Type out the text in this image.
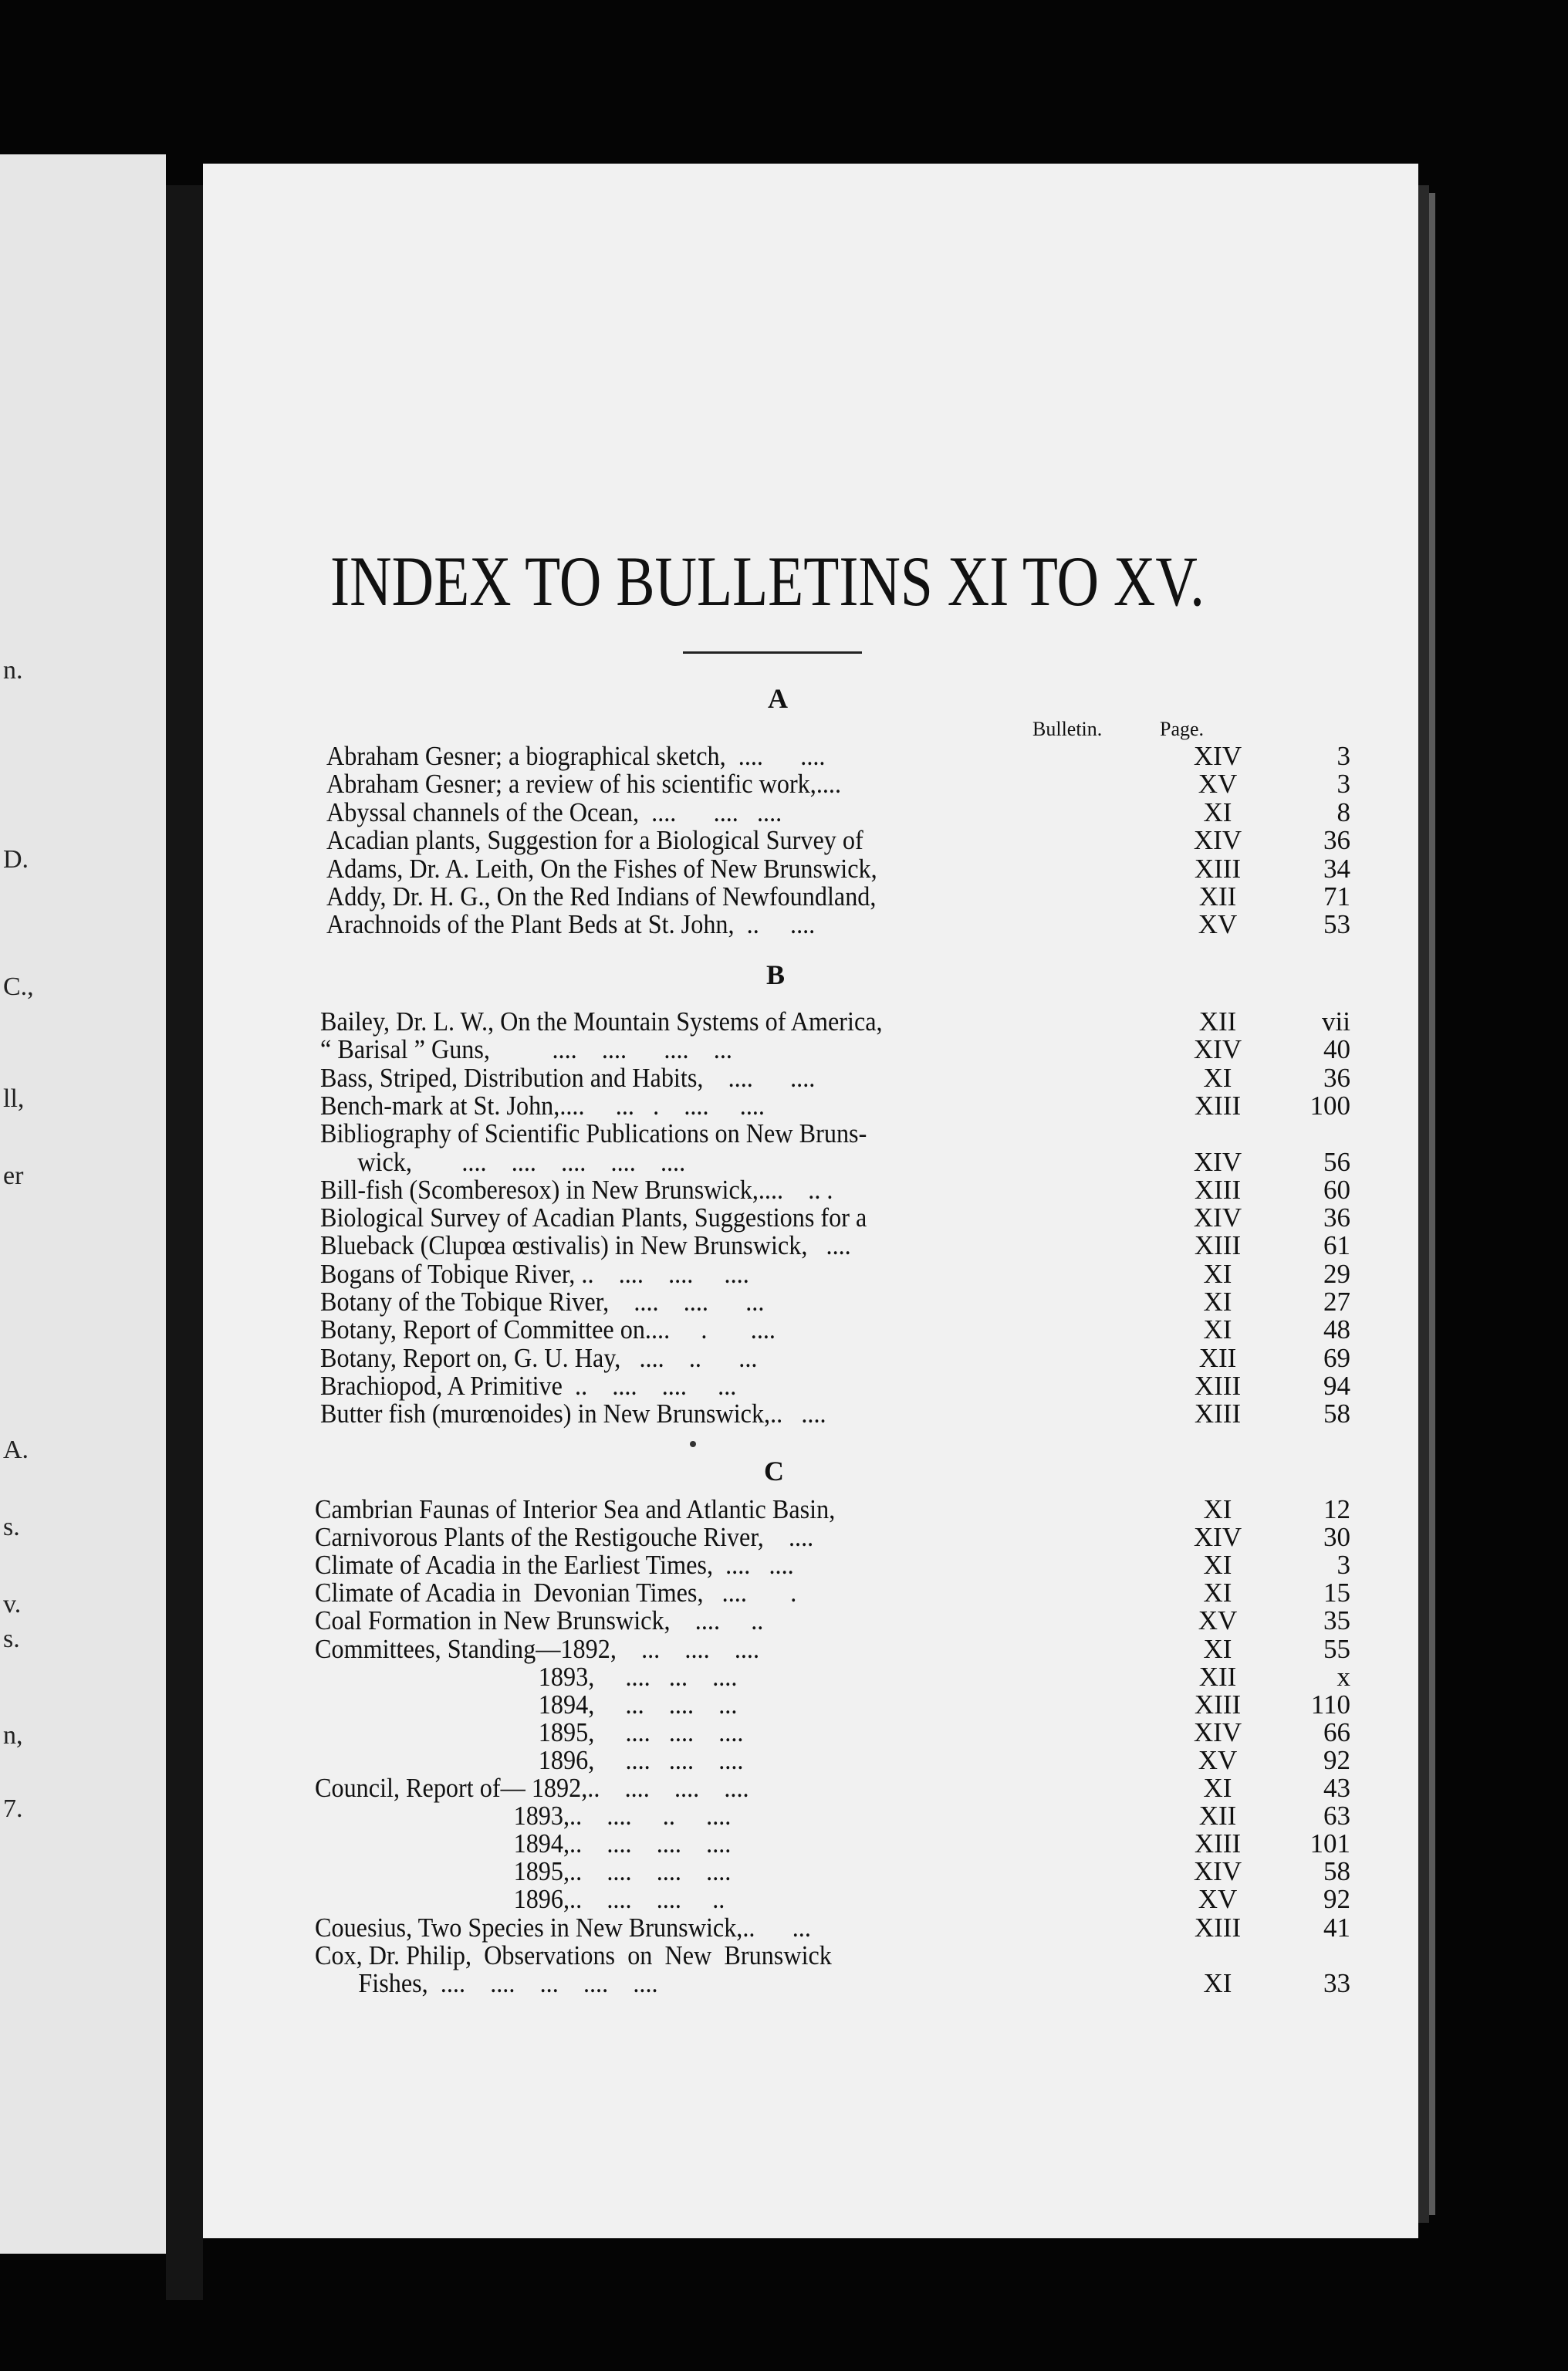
n.
D.
C.,
ll,
er
A.
s.
v.
s.
n,
7.
INDEX TO BULLETINS XI TO XV.
Bulletin.	Page.
A
B
C
Abraham Gesner; a biographical sketch,  ....      ....	XIV	3
Abraham Gesner; a review of his scientific work,....	XV	3
Abyssal channels of the Ocean,  ....      ....   ....	XI	8
Acadian plants, Suggestion for a Biological Survey of	XIV	36
Adams, Dr. A. Leith, On the Fishes of New Brunswick,	XIII	34
Addy, Dr. H. G., On the Red Indians of Newfoundland,	XII	71
Arachnoids of the Plant Beds at St. John,  ..     ....	XV	53
Bailey, Dr. L. W., On the Mountain Systems of America,	XII	vii
“ Barisal ” Guns,          ....    ....      ....    ...	XIV	40
Bass, Striped, Distribution and Habits,    ....      ....	XI	36
Bench-mark at St. John,....     ...   .    ....     ....	XIII	100
Bibliography of Scientific Publications on New Bruns-
wick,        ....    ....    ....    ....    ....	XIV	56
Bill-fish (Scomberesox) in New Brunswick,....    .. .	XIII	60
Biological Survey of Acadian Plants, Suggestions for a	XIV	36
Blueback (Clupœa œstivalis) in New Brunswick,   ....	XIII	61
Bogans of Tobique River, ..    ....    ....     ....	XI	29
Botany of the Tobique River,    ....    ....      ...	XI	27
Botany, Report of Committee on....     .       ....	XI	48
Botany, Report on, G. U. Hay,   ....    ..      ...	XII	69
Brachiopod, A Primitive  ..    ....    ....     ...	XIII	94
Butter fish (murœnoides) in New Brunswick,..   ....	XIII	58
Cambrian Faunas of Interior Sea and Atlantic Basin,	XI	12
Carnivorous Plants of the Restigouche River,    ....	XIV	30
Climate of Acadia in the Earliest Times,  ....   ....	XI	3
Climate of Acadia in  Devonian Times,   ....       .	XI	15
Coal Formation in New Brunswick,    ....     ..	XV	35
Committees, Standing—1892,    ...    ....    ....	XI	55
1893,     ....   ...    ....	XII	x
1894,     ...    ....    ...	XIII	110
1895,     ....   ....    ....	XIV	66
1896,     ....   ....    ....	XV	92
Council, Report of— 1892,..    ....    ....    ....	XI	43
1893,..    ....     ..     ....	XII	63
1894,..    ....    ....    ....	XIII	101
1895,..    ....    ....    ....	XIV	58
1896,..    ....    ....     ..	XV	92
Couesius, Two Species in New Brunswick,..      ...	XIII	41
Cox, Dr. Philip,  Observations  on  New  Brunswick
Fishes,  ....    ....    ...    ....    ....	XI	33
